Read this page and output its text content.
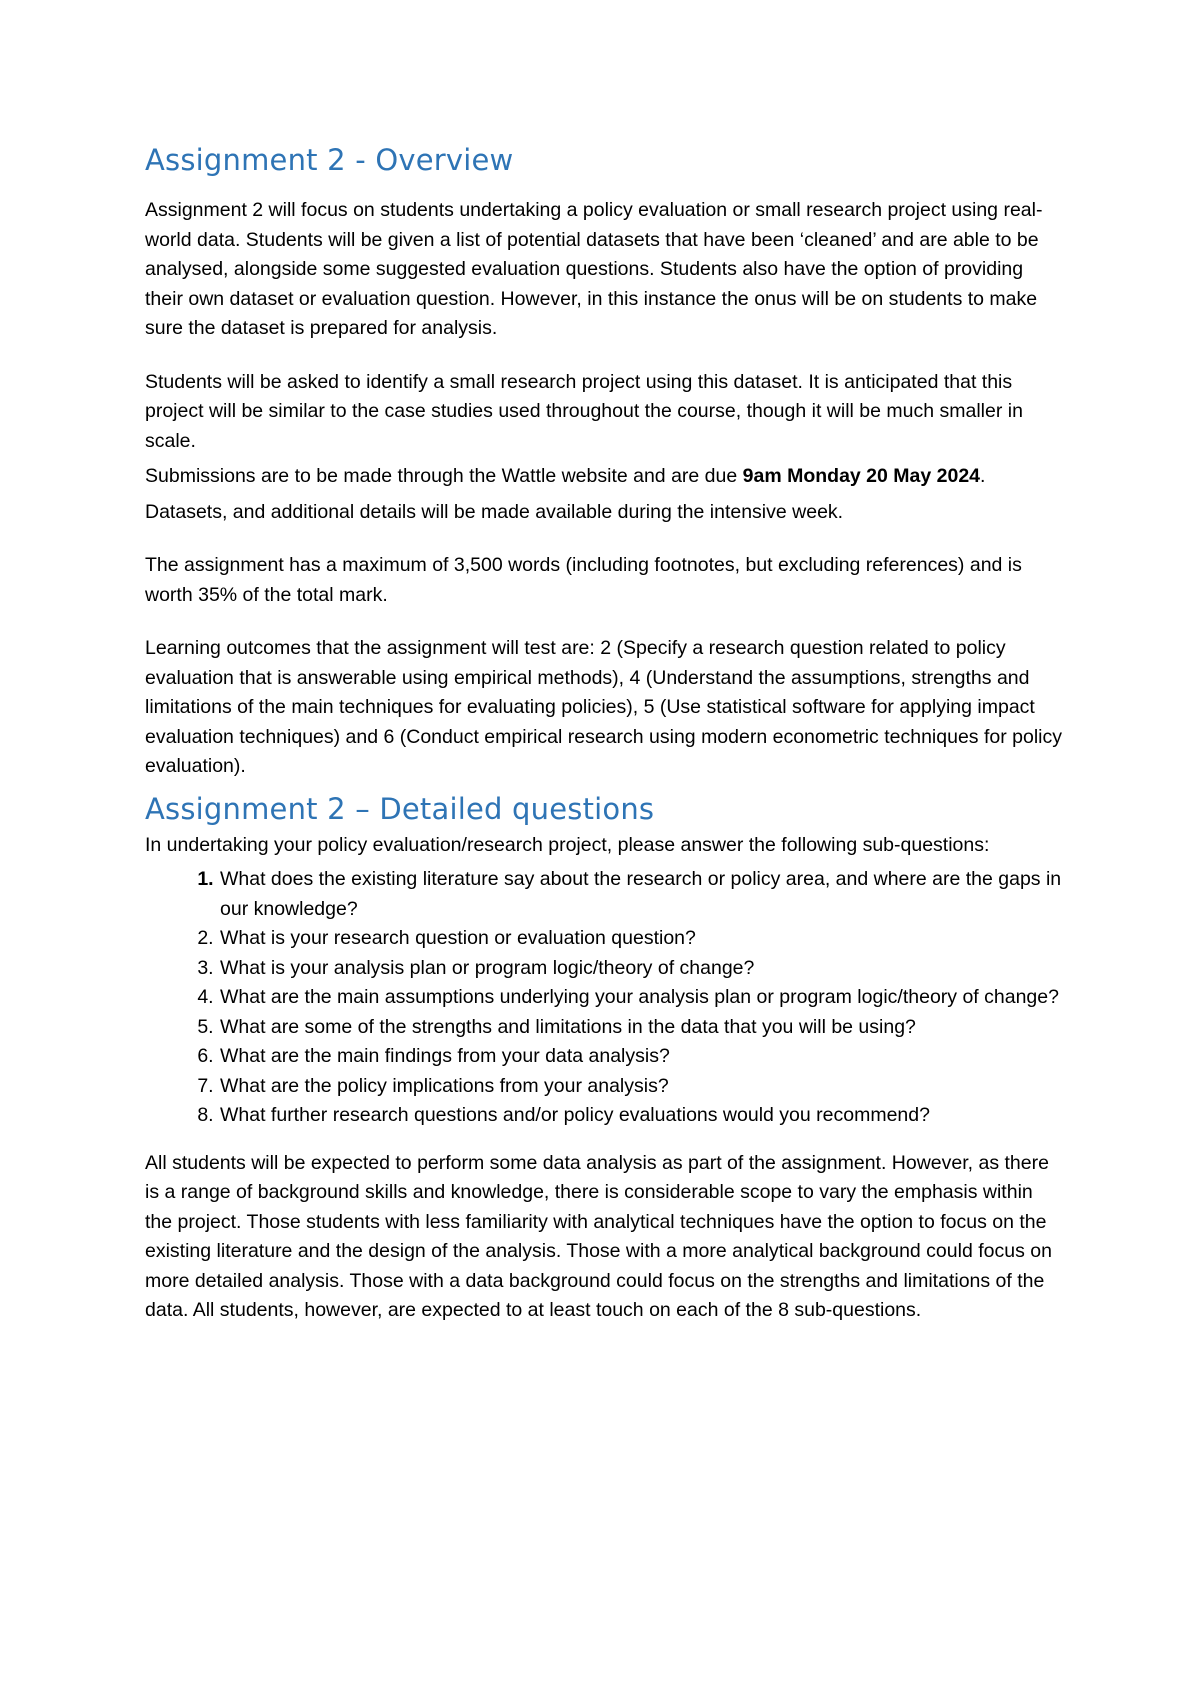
Assignment 2 - Overview

Assignment 2 will focus on students undertaking a policy evaluation or small research project using real-world data. Students will be given a list of potential datasets that have been ‘cleaned’ and are able to be analysed, alongside some suggested evaluation questions. Students also have the option of providing their own dataset or evaluation question. However, in this instance the onus will be on students to make sure the dataset is prepared for analysis.

Students will be asked to identify a small research project using this dataset. It is anticipated that this project will be similar to the case studies used throughout the course, though it will be much smaller in scale.

Submissions are to be made through the Wattle website and are due 9am Monday 20 May 2024.

Datasets, and additional details will be made available during the intensive week.

The assignment has a maximum of 3,500 words (including footnotes, but excluding references) and is worth 35% of the total mark.

Learning outcomes that the assignment will test are: 2 (Specify a research question related to policy evaluation that is answerable using empirical methods), 4 (Understand the assumptions, strengths and limitations of the main techniques for evaluating policies), 5 (Use statistical software for applying impact evaluation techniques) and 6 (Conduct empirical research using modern econometric techniques for policy evaluation).

Assignment 2 – Detailed questions

In undertaking your policy evaluation/research project, please answer the following sub-questions:

1. What does the existing literature say about the research or policy area, and where are the gaps in our knowledge?
2. What is your research question or evaluation question?
3. What is your analysis plan or program logic/theory of change?
4. What are the main assumptions underlying your analysis plan or program logic/theory of change?
5. What are some of the strengths and limitations in the data that you will be using?
6. What are the main findings from your data analysis?
7. What are the policy implications from your analysis?
8. What further research questions and/or policy evaluations would you recommend?

All students will be expected to perform some data analysis as part of the assignment. However, as there is a range of background skills and knowledge, there is considerable scope to vary the emphasis within the project. Those students with less familiarity with analytical techniques have the option to focus on the existing literature and the design of the analysis. Those with a more analytical background could focus on more detailed analysis. Those with a data background could focus on the strengths and limitations of the data. All students, however, are expected to at least touch on each of the 8 sub-questions.
